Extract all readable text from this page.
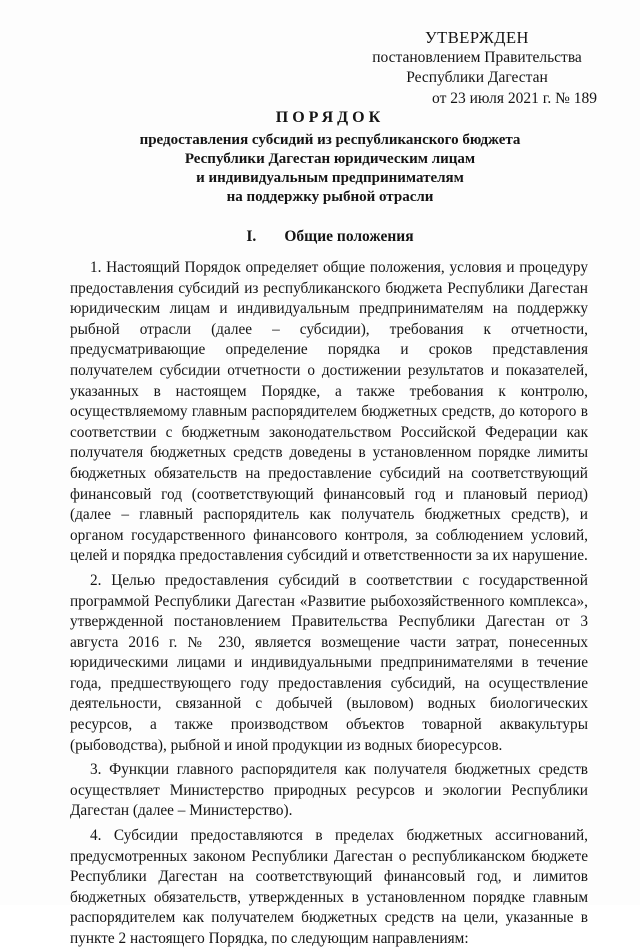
УТВЕРЖДЕН
постановлением Правительства
Республики Дагестан
от 23 июля 2021 г. № 189
ПОРЯДОК
предоставления субсидий из республиканского бюджета
Республики Дагестан юридическим лицам
и индивидуальным предпринимателям
на поддержку рыбной отрасли
I. Общие положения

1. Настоящий Порядок определяет общие положения, условия и процедуру предоставления субсидий из республиканского бюджета Республики Дагестан юридическим лицам и индивидуальным предпринимателям на поддержку рыбной отрасли (далее – субсидии), требования к отчетности, предусматривающие определение порядка и сроков представления получателем субсидии отчетности о достижении результатов и показателей, указанных в настоящем Порядке, а также требования к контролю, осуществляемому главным распорядителем бюджетных средств, до которого в соответствии с бюджетным законодательством Российской Федерации как получателя бюджетных средств доведены в установленном порядке лимиты бюджетных обязательств на предоставление субсидий на соответствующий финансовый год (соответствующий финансовый год и плановый период) (далее – главный распорядитель как получатель бюджетных средств), и органом государственного финансового контроля, за соблюдением условий, целей и порядка предоставления субсидий и ответственности за их нарушение.

2. Целью предоставления субсидий в соответствии с государственной программой Республики Дагестан «Развитие рыбохозяйственного комплекса», утвержденной постановлением Правительства Республики Дагестан от 3 августа 2016 г. № 230, является возмещение части затрат, понесенных юридическими лицами и индивидуальными предпринимателями в течение года, предшествующего году предоставления субсидий, на осуществление деятельности, связанной с добычей (выловом) водных биологических ресурсов, а также производством объектов товарной аквакультуры (рыбоводства), рыбной и иной продукции из водных биоресурсов.

3. Функции главного распорядителя как получателя бюджетных средств осуществляет Министерство природных ресурсов и экологии Республики Дагестан (далее – Министерство).

4. Субсидии предоставляются в пределах бюджетных ассигнований, предусмотренных законом Республики Дагестан о республиканском бюджете Республики Дагестан на соответствующий финансовый год, и лимитов бюджетных обязательств, утвержденных в установленном порядке главным распорядителем как получателем бюджетных средств на цели, указанные в пункте 2 настоящего Порядка, по следующим направлениям:
